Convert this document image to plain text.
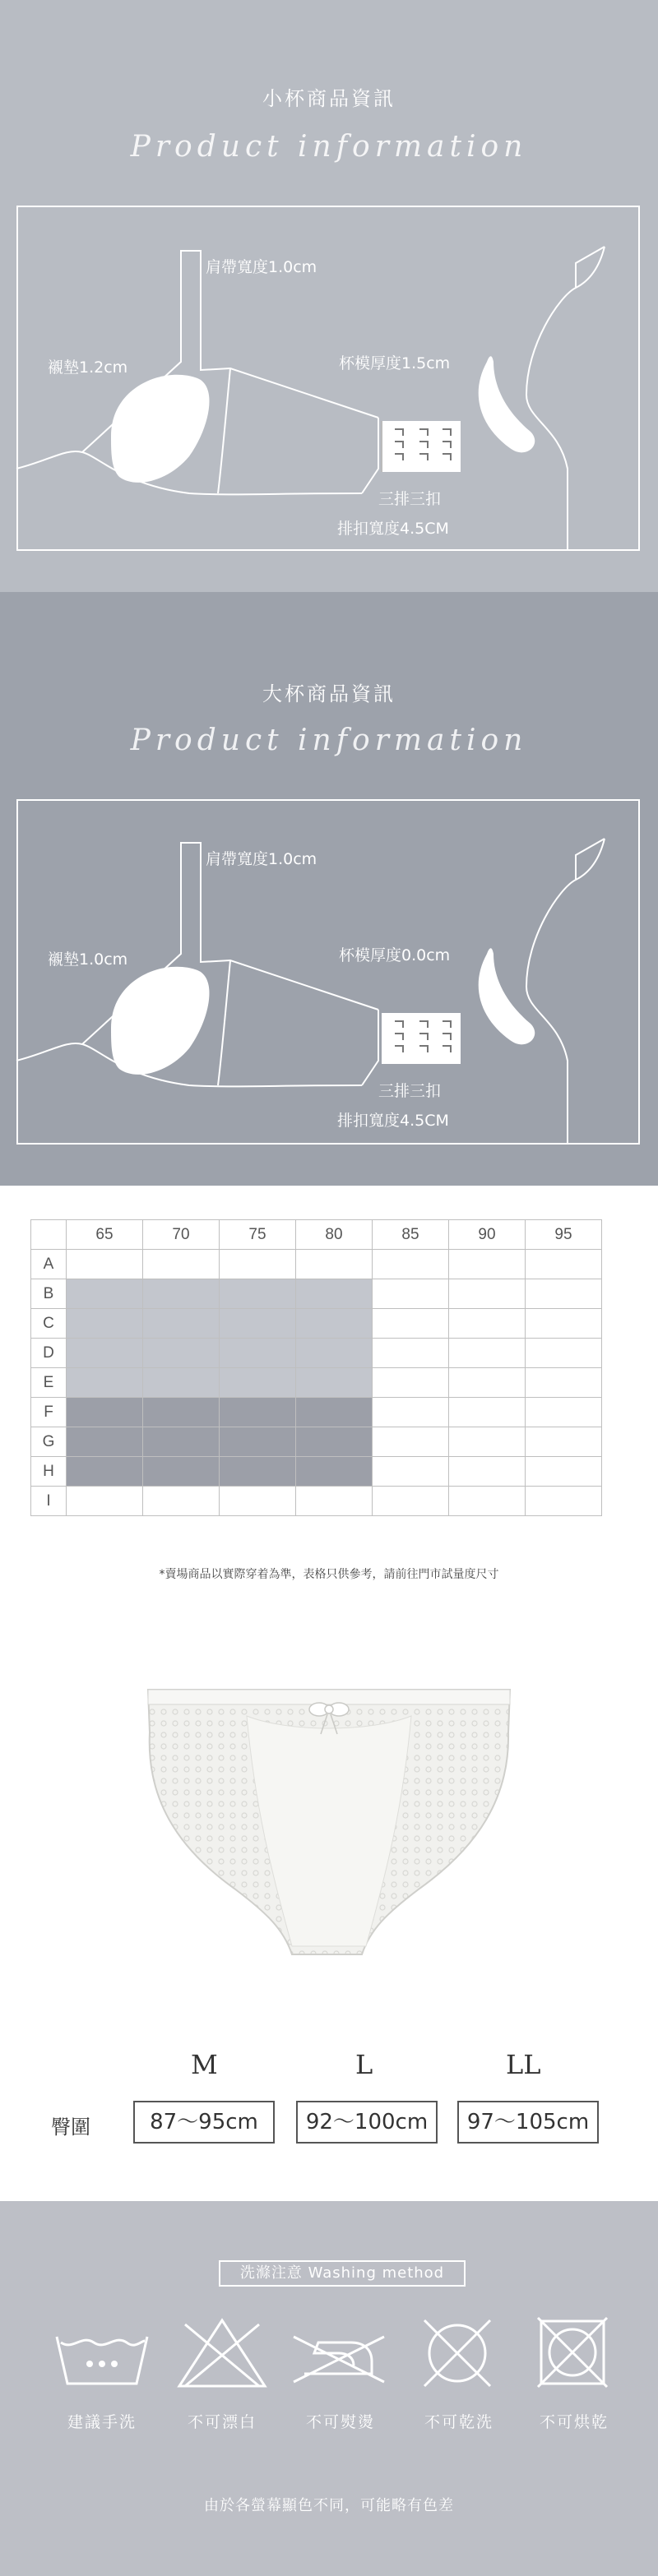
小杯商品資訊
Product information
肩帶寬度1.0cm
襯墊1.2cm	杯模厚度1.5cm
三排三扣
排扣寬度4.5CM
大杯商品資訊
Product information
肩帶寬度1.0cm
襯墊1.0cm	杯模厚度0.0cm
三排三扣
排扣寬度4.5CM
	65	70	75	80	85	90	95
A							
B							
C							
D							
E							
F							
G							
H							
I							
*賣場商品以實際穿着為準，表格只供參考，請前往門市試量度尺寸
M	L	LL
臀圍	87～95cm	92～100cm	97～105cm
洗滌注意 Washing method
建議手洗	不可漂白	不可熨燙	不可乾洗	不可烘乾
由於各螢幕顯色不同，可能略有色差
